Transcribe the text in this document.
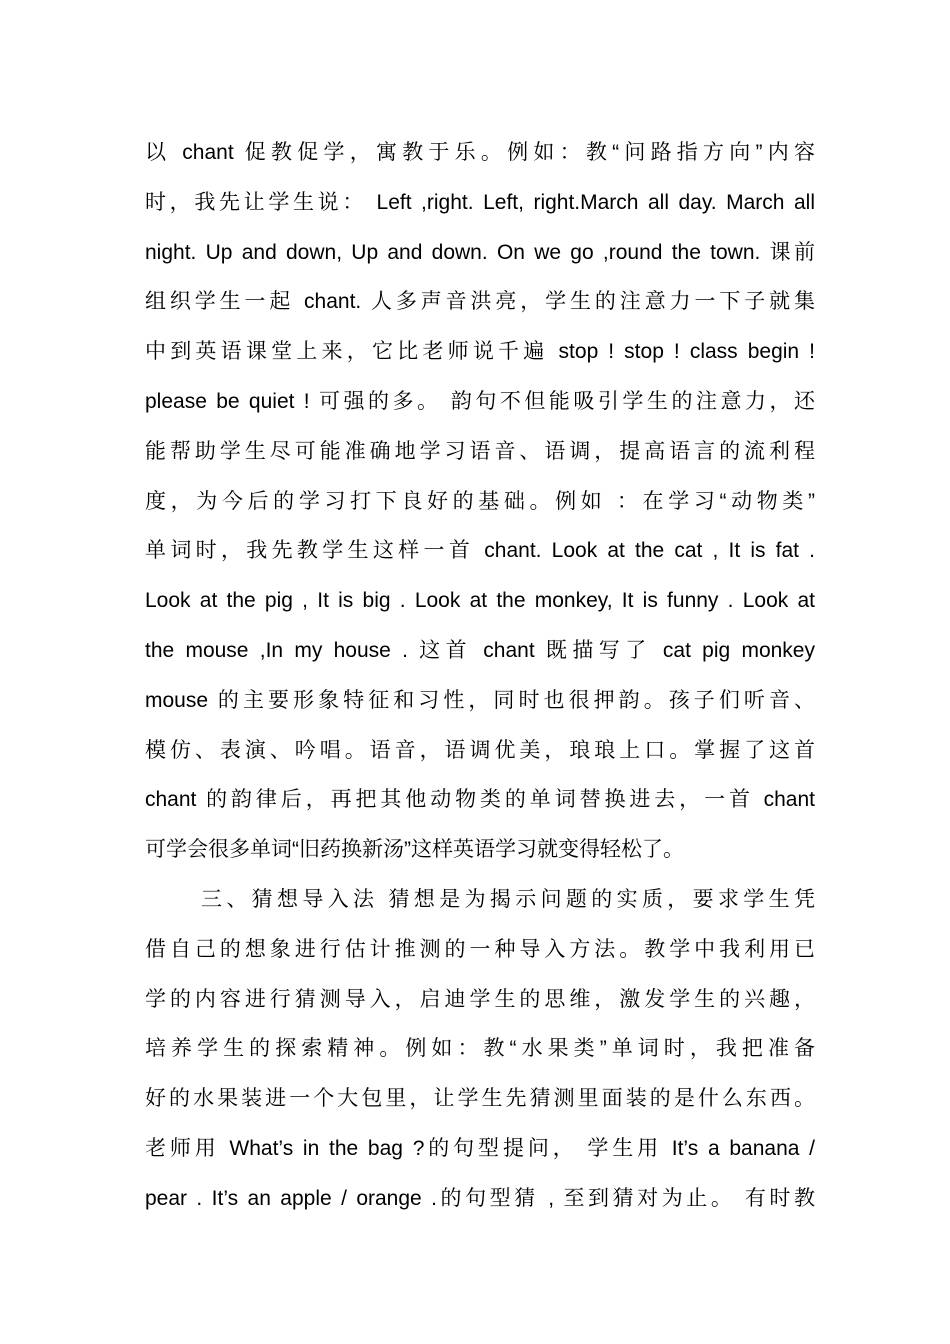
以 chant 促教促学，寓教于乐。例如：教“问路指方向”内容
时，我先让学生说： Left ,right. Left, right.March all day. March all
night. Up and down, Up and down. On we go ,round the town. 课前
组织学生一起 chant. 人多声音洪亮，学生的注意力一下子就集
中到英语课堂上来，它比老师说千遍 stop ! stop ! class begin !
please be quiet ! 可强的多。 韵句不但能吸引学生的注意力，还
能帮助学生尽可能准确地学习语音、语调，提高语言的流利程
度，为今后的学习打下良好的基础。例如 ：在学习“动物类”
单词时，我先教学生这样一首 chant. Look at the cat , It is fat .
Look at the pig , It is big . Look at the monkey, It is funny . Look at
the mouse ,In my house . 这首 chant 既描写了 cat pig monkey
mouse 的主要形象特征和习性，同时也很押韵。孩子们听音、
模仿、表演、吟唱。语音，语调优美，琅琅上口。掌握了这首
chant 的韵律后，再把其他动物类的单词替换进去，一首 chant
可学会很多单词“旧药换新汤”这样英语学习就变得轻松了。
三、猜想导入法 猜想是为揭示问题的实质，要求学生凭
借自己的想象进行估计推测的一种导入方法。教学中我利用已
学的内容进行猜测导入，启迪学生的思维，激发学生的兴趣，
培养学生的探索精神。例如：教“水果类”单词时，我把准备
好的水果装进一个大包里，让学生先猜测里面装的是什么东西。
老师用 What’s in the bag ?的句型提问， 学生用 It’s a banana /
pear . It’s an apple / orange .的句型猜 , 至到猜对为止。 有时教
